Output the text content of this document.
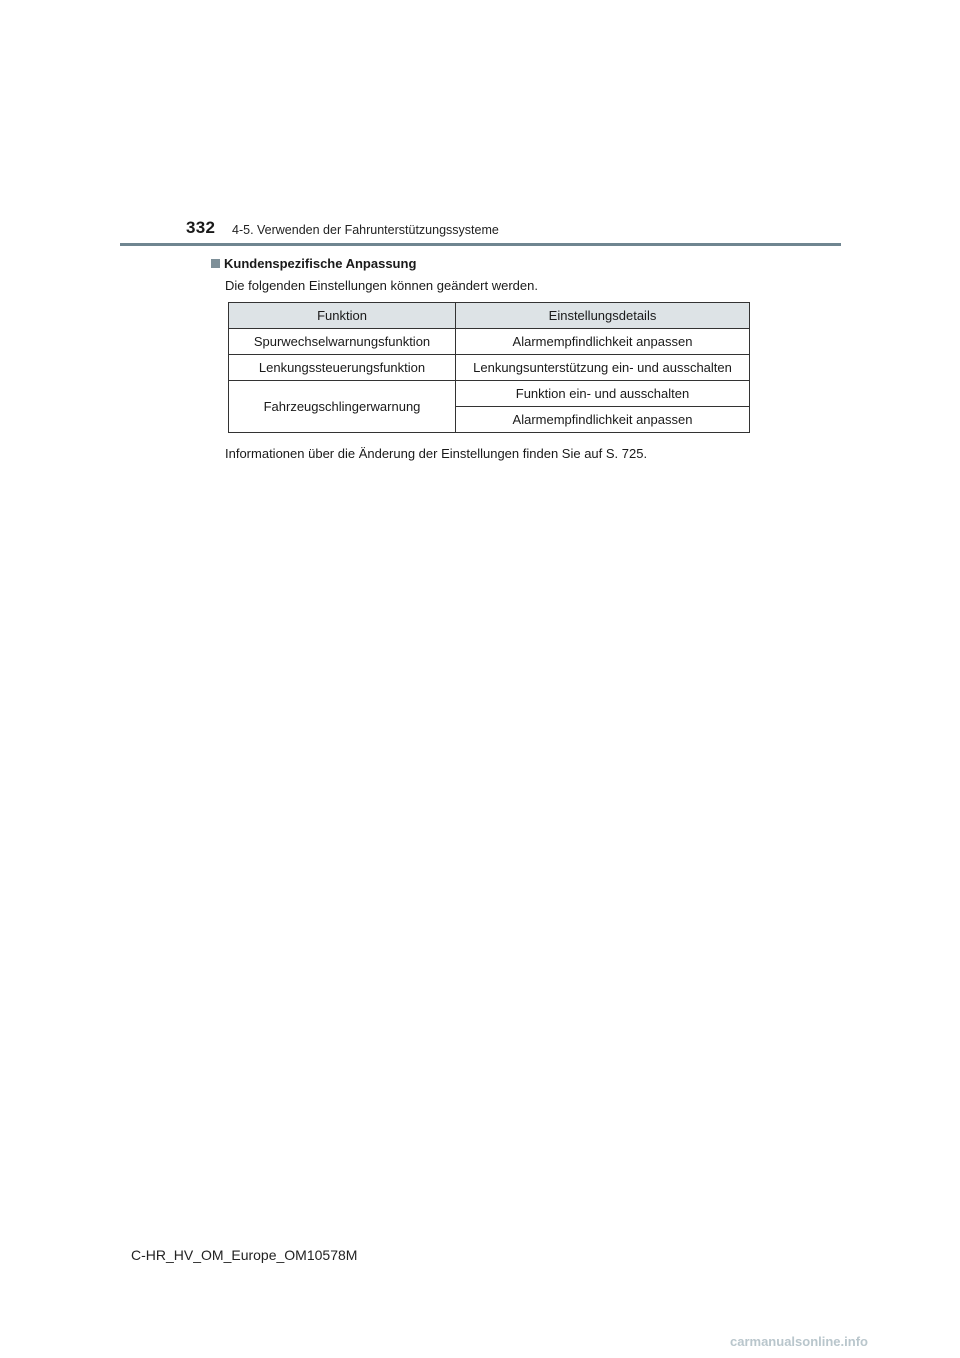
332 4-5. Verwenden der Fahrunterstützungssysteme
Kundenspezifische Anpassung
Die folgenden Einstellungen können geändert werden.
Funktion	Einstellungsdetails
Spurwechselwarnungsfunktion	Alarmempfindlichkeit anpassen
Lenkungssteuerungsfunktion	Lenkungsunterstützung ein- und ausschalten
Fahrzeugschlingerwarnung	Funktion ein- und ausschalten
	Alarmempfindlichkeit anpassen
Informationen über die Änderung der Einstellungen finden Sie auf S. 725.
C-HR_HV_OM_Europe_OM10578M
carmanualsonline.info
